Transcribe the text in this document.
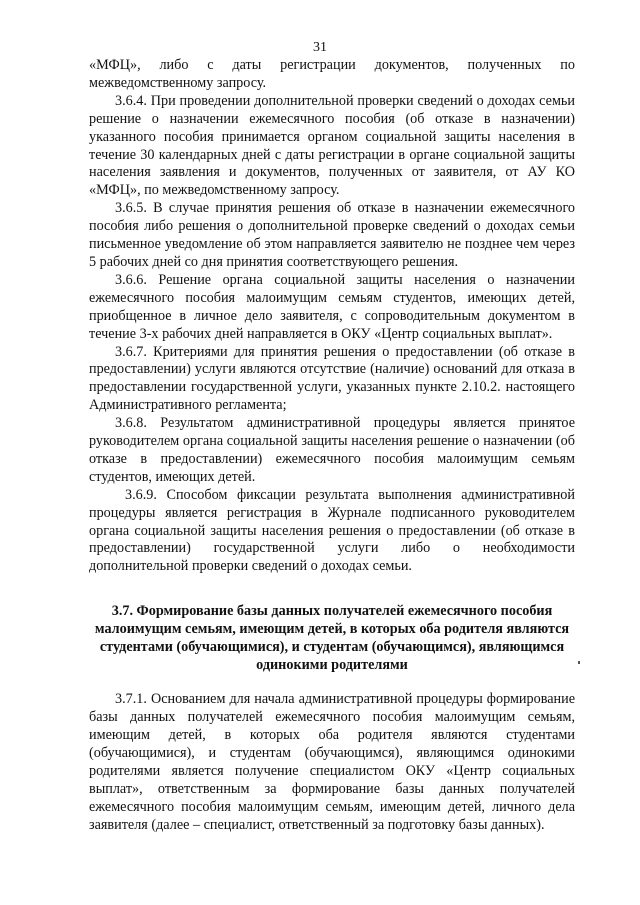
31

«МФЦ», либо с даты регистрации документов, полученных по межведомственному запросу.

3.6.4. При проведении дополнительной проверки сведений о доходах семьи решение о назначении ежемесячного пособия (об отказе в назначении) указанного пособия принимается органом социальной защиты населения в течение 30 календарных дней с даты регистрации в органе социальной защиты населения заявления и документов, полученных от заявителя, от АУ КО «МФЦ», по межведомственному запросу.

3.6.5. В случае принятия решения об отказе в назначении ежемесячного пособия либо решения о дополнительной проверке сведений о доходах семьи письменное уведомление об этом направляется заявителю не позднее чем через 5 рабочих дней со дня принятия соответствующего решения.

3.6.6. Решение органа социальной защиты населения о назначении ежемесячного пособия малоимущим семьям студентов, имеющих детей, приобщенное в личное дело заявителя, с сопроводительным документом в течение 3-х рабочих дней направляется в ОКУ «Центр социальных выплат».

3.6.7. Критериями для принятия решения о предоставлении (об отказе в предоставлении) услуги являются отсутствие (наличие) оснований для отказа в предоставлении государственной услуги, указанных пункте 2.10.2. настоящего Административного регламента;

3.6.8. Результатом административной процедуры является принятое руководителем органа социальной защиты населения решение о назначении (об отказе в предоставлении) ежемесячного пособия малоимущим семьям студентов, имеющих детей.

3.6.9. Способом фиксации результата выполнения административной процедуры является регистрация в Журнале подписанного руководителем органа социальной защиты населения решения о предоставлении (об отказе в предоставлении) государственной услуги либо о необходимости дополнительной проверки сведений о доходах семьи.

3.7. Формирование базы данных получателей ежемесячного пособия малоимущим семьям, имеющим детей, в которых оба родителя являются студентами (обучающимися), и студентам (обучающимся), являющимся одинокими родителями

3.7.1. Основанием для начала административной процедуры формирование базы данных получателей ежемесячного пособия малоимущим семьям, имеющим детей, в которых оба родителя являются студентами (обучающимися), и студентам (обучающимся), являющимся одинокими родителями является получение специалистом ОКУ «Центр социальных выплат», ответственным за формирование базы данных получателей ежемесячного пособия малоимущим семьям, имеющим детей, личного дела заявителя (далее – специалист, ответственный за подготовку базы данных).
